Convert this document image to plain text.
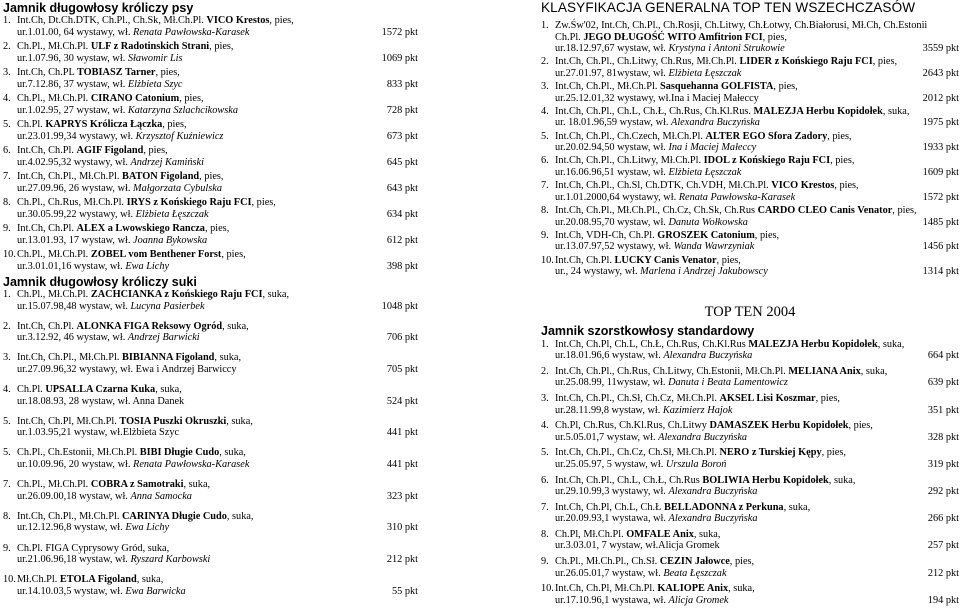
Jamnik długowłosy króliczy psy
1. Int.Ch, Dt.Ch.DTK, Ch.Pl., Ch.Sk, Mł.Ch.Pl. VICO Krestos, pies,
ur.1.01.00, 64 wystawy, wł. Renata Pawłowska-Karasek	1572 pkt
2. Ch.Pl., Mł.Ch.Pl. ULF z Radotinskich Strani, pies,
ur.1.07.96, 30 wystaw, wł. Sławomir Lis	1069 pkt
3. Int.Ch, Ch.PL TOBIASZ Tarner, pies,
ur.7.12.86, 37 wystaw, wł. Elżbieta Szyc	833 pkt
4. Ch.Pl., Mł.Ch.Pl. CIRANO Catonium, pies,
ur.1.02.95, 27 wystaw, wł. Katarzyna Szlachcikowska	728 pkt
5. Ch.Pl. KAPRYS Królicza Łączka, pies,
ur.23.01.99,34 wystawy, wł. Krzysztof Kuźniewicz	673 pkt
6. Int.Ch, Ch.Pl. AGIF Figoland, pies,
ur.4.02.95,32 wystawy, wł. Andrzej Kamiński	645 pkt
7. Int.Ch, Ch.Pl., Mł.Ch.Pl. BATON Figoland, pies,
ur.27.09.96, 26 wystaw, wł. Małgorzata Cybulska	643 pkt
8. Ch.Pl., Ch.Rus, Mł.Ch.Pl. IRYS z Końskiego Raju FCI, pies,
ur.30.05.99,22 wystawy, wł. Elżbieta Łęszczak	634 pkt
9. Int.Ch, Ch.Pl. ALEX a Lwowskiego Rancza, pies,
ur.13.01.93, 17 wystaw, wł. Joanna Bykowska	612 pkt
10.Ch.Pl., Mł.Ch.Pl. ZOBEL vom Benthener Forst, pies,
ur.3.01.01,16 wystaw, wł. Ewa Lichy	398 pkt
Jamnik długowłosy króliczy suki
1. Ch.Pl., Mł.Ch.Pl. ZACHCIANKA z Końskiego Raju FCI, suka,
ur.15.07.98,48 wystaw, wł. Lucyna Pasierbek	1048 pkt
2. Int.Ch, Ch.Pl. ALONKA FIGA Reksowy Ogród, suka,
ur.3.12.92, 46 wystaw, wł. Andrzej Barwicki	706 pkt
3. Int.Ch, Ch.Pl., Mł.Ch.Pl. BIBIANNA Figoland, suka,
ur.27.09.96,32 wystawy, wł. Ewa i Andrzej Barwiccy	705 pkt
4. Ch.Pl. UPSALLA Czarna Kuka, suka,
ur.18.08.93, 28 wystaw, wł. Anna Danek	524 pkt
5. Int.Ch, Ch.Pl, Mł.Ch.Pl. TOSIA Puszki Okruszki, suka,
ur.1.03.95,21 wystaw, wł.Elżbieta Szyc	441 pkt
5. Ch.Pl., Ch.Estonii, Mł.Ch.Pl. BIBI Długie Cudo, suka,
ur.10.09.96, 20 wystaw, wł. Renata Pawłowska-Karasek	441 pkt
7. Ch.Pl., Mł.Ch.Pl. COBRA z Samotraki, suka,
ur.26.09.00,18 wystaw, wł. Anna Samocka	323 pkt
8. Int.Ch, Ch.Pl., Mł.Ch.Pl. CARINYA Długie Cudo, suka,
ur.12.12.96,8 wystaw, wł. Ewa Lichy	310 pkt
9. Ch.Pl. FIGA Cyprysowy Gród, suka,
ur.21.06.96,18 wystaw, wł. Ryszard Karbowski	212 pkt
10.Mł.Ch.Pl. ETOLA Figoland, suka,
ur.14.10.03,5 wystaw, wł. Ewa Barwicka	55 pkt
KLASYFIKACJA GENERALNA TOP TEN WSZECHCZASÓW
1. Zw.Św'02, Int.Ch, Ch.Pl., Ch.Rosji, Ch.Litwy, Ch.Łotwy, Ch.Białorusi, Mł.Ch, Ch.Estonii
Ch.Pl. JEGO DŁUGOŚĆ WITO Amfitrion FCI, pies,
ur.18.12.97,67 wystaw, wł. Krystyna i Antoni Strukowie	3559 pkt
2. Int.Ch, Ch.Pl., Ch.Litwy, Ch.Rus, Mł.Ch.Pl. LIDER z Końskiego Raju FCI, pies,
ur.27.01.97, 81wystaw, wł. Elżbieta Łęszczak	2643 pkt
3. Int.Ch, Ch.Pl., Mł.Ch.Pl. Sasquehanna GOLFISTA, pies,
ur.25.12.01,32 wystawy, wł.Ina i Maciej Małeccy	2012 pkt
4. Int.Ch, Ch.Pl., Ch.L, Ch.Ł, Ch.Rus, Ch.Kl.Rus. MALEZJA Herbu Kopidołek, suka,
ur. 18.01.96,59 wystaw, wł. Alexandra Buczyńska	1975 pkt
5. Int.Ch, Ch.Pl., Ch.Czech, Mł.Ch.Pl. ALTER EGO Sfora Zadory, pies,
ur.20.02.94,50 wystaw, wł. Ina i Maciej Małeccy	1933 pkt
6. Int.Ch, Ch.Pl., Ch.Litwy, Mł.Ch.Pl. IDOL z Końskiego Raju FCI, pies,
ur.16.06.96,51 wystaw, wł. Elżbieta Łęszczak	1609 pkt
7. Int.Ch, Ch.Pl., Ch.Sl, Ch.DTK, Ch.VDH, Mł.Ch.Pl. VICO Krestos, pies,
ur.1.01.2000,64 wystawy, wł. Renata Pawłowska-Karasek	1572 pkt
8. Int.Ch, Ch.Pl., Mł.Ch.Pl., Ch.Cz, Ch.Sk, Ch.Rus CARDO CLEO Canis Venator, pies,
ur.20.08.95,70 wystaw, wł. Danuta Wołkowska	1485 pkt
9. Int.Ch, VDH-Ch, Ch.Pl. GROSZEK Catonium, pies,
ur.13.07.97,52 wystawy, wł. Wanda Wawrzyniak	1456 pkt
10.Int.Ch, Ch.Pl. LUCKY Canis Venator, pies,
ur., 24 wystawy, wł. Marlena i Andrzej Jakubowscy	1314 pkt
TOP TEN 2004
Jamnik szorstkowłosy standardowy
1. Int.Ch, Ch.Pl, Ch.L, Ch.Ł, Ch.Rus, Ch.Kl.Rus MALEZJA Herbu Kopidołek, suka,
ur.18.01.96,6 wystaw, wł. Alexandra Buczyńska	664 pkt
2. Int.Ch, Ch.Pl., Ch.Rus, Ch.Litwy, Ch.Estonii, Mł.Ch.Pl. MELIANA Anix, suka,
ur.25.08.99, 11wystaw, wł. Danuta i Beata Lamentowicz	639 pkt
3. Int.Ch, Ch.Pl., Ch.Sł, Ch.Cz, Mł.Ch.Pl. AKSEL Lisi Koszmar, pies,
ur.28.11.99,8 wystaw, wł. Kazimierz Hajok	351 pkt
4. Ch.Pl, Ch.Rus, Ch.Kl.Rus, Ch.Litwy DAMASZEK Herbu Kopidołek, pies,
ur.5.05.01,7 wystaw, wł. Alexandra Buczyńska	328 pkt
5. Int.Ch, Ch.Pl., Ch.Cz, Ch.Sł, Mł.Ch.Pl. NERO z Turskiej Kępy, pies,
ur.25.05.97, 5 wystaw, wł. Urszula Boroń	319 pkt
6. Int.Ch, Ch.Pl., Ch.L, Ch.Ł, Ch.Rus BOLIWIA Herbu Kopidołek, suka,
ur.29.10.99,3 wystawy, wł. Alexandra Buczyńska	292 pkt
7. Int.Ch, Ch.Pl, Ch.L, Ch.Ł BELLADONNA z Perkuna, suka,
ur.20.09.93,1 wystawa, wł. Alexandra Buczyńska	266 pkt
8. Ch.Pl, Mł.Ch.Pl. OMFALE Anix, suka,
ur.3.03.01, 7 wystaw, wł.Alicja Gromek	257 pkt
9. Ch.Pl., Mł.Ch.Pl., Ch.Sł. CEZIN Jałowce, pies,
ur.26.05.01,7 wystaw, wł. Beata Łęszczak	212 pkt
10.Int.Ch, Ch.Pl, Mł.Ch.Pl. KALIOPE Anix, suka,
ur.17.10.96,1 wystawa, wł. Alicja Gromek	194 pkt
